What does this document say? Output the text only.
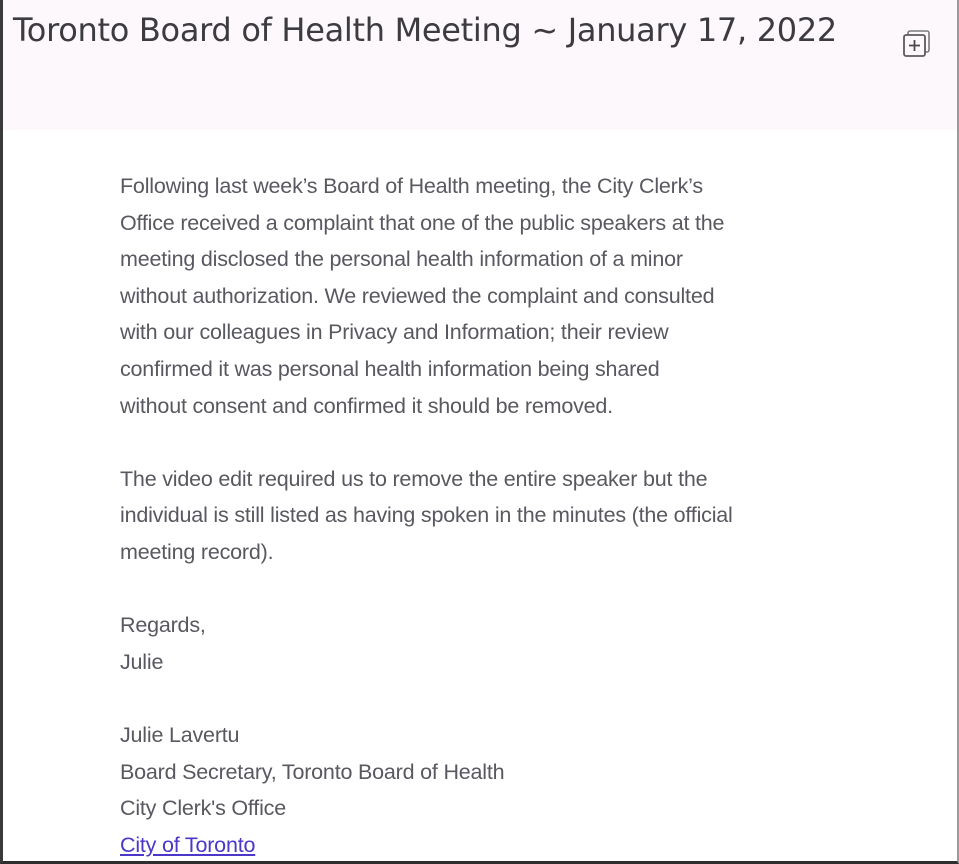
Toronto Board of Health Meeting ~ January 17, 2022

Following last week’s Board of Health meeting, the City Clerk’s
Office received a complaint that one of the public speakers at the
meeting disclosed the personal health information of a minor
without authorization. We reviewed the complaint and consulted
with our colleagues in Privacy and Information; their review
confirmed it was personal health information being shared
without consent and confirmed it should be removed.

The video edit required us to remove the entire speaker but the
individual is still listed as having spoken in the minutes (the official
meeting record).

Regards,
Julie

Julie Lavertu
Board Secretary, Toronto Board of Health
City Clerk's Office
City of Toronto
